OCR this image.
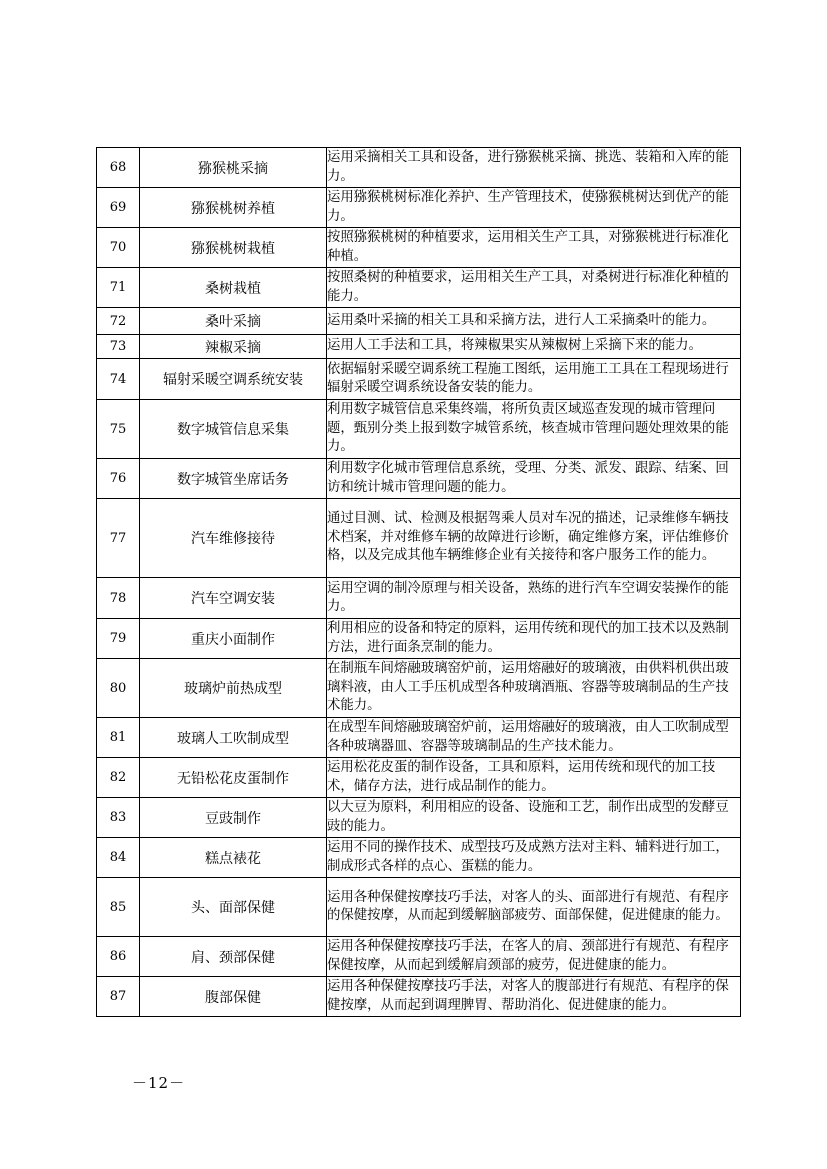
68	猕猴桃采摘	运用采摘相关工具和设备，进行猕猴桃采摘、挑选、装箱和入库的能力。
69	猕猴桃树养植	运用猕猴桃树标准化养护、生产管理技术，使猕猴桃树达到优产的能力。
70	猕猴桃树栽植	按照猕猴桃树的种植要求，运用相关生产工具，对猕猴桃进行标准化种植。
71	桑树栽植	按照桑树的种植要求，运用相关生产工具，对桑树进行标准化种植的能力。
72	桑叶采摘	运用桑叶采摘的相关工具和采摘方法，进行人工采摘桑叶的能力。
73	辣椒采摘	运用人工手法和工具，将辣椒果实从辣椒树上采摘下来的能力。
74	辐射采暖空调系统安装	依据辐射采暖空调系统工程施工图纸，运用施工工具在工程现场进行辐射采暖空调系统设备安装的能力。
75	数字城管信息采集	利用数字城管信息采集终端，将所负责区域巡查发现的城市管理问题，甄别分类上报到数字城管系统，核查城市管理问题处理效果的能力。
76	数字城管坐席话务	利用数字化城市管理信息系统，受理、分类、派发、跟踪、结案、回访和统计城市管理问题的能力。
77	汽车维修接待	通过目测、试、检测及根据驾乘人员对车况的描述，记录维修车辆技术档案，并对维修车辆的故障进行诊断，确定维修方案，评估维修价格，以及完成其他车辆维修企业有关接待和客户服务工作的能力。
78	汽车空调安装	运用空调的制冷原理与相关设备，熟练的进行汽车空调安装操作的能力。
79	重庆小面制作	利用相应的设备和特定的原料，运用传统和现代的加工技术以及熟制方法，进行面条烹制的能力。
80	玻璃炉前热成型	在制瓶车间熔融玻璃窑炉前，运用熔融好的玻璃液，由供料机供出玻璃料液，由人工手压机成型各种玻璃酒瓶、容器等玻璃制品的生产技术能力。
81	玻璃人工吹制成型	在成型车间熔融玻璃窑炉前，运用熔融好的玻璃液，由人工吹制成型各种玻璃器皿、容器等玻璃制品的生产技术能力。
82	无铅松花皮蛋制作	运用松花皮蛋的制作设备，工具和原料，运用传统和现代的加工技术，储存方法，进行成品制作的能力。
83	豆豉制作	以大豆为原料，利用相应的设备、设施和工艺，制作出成型的发酵豆豉的能力。
84	糕点裱花	运用不同的操作技术、成型技巧及成熟方法对主料、辅料进行加工，制成形式各样的点心、蛋糕的能力。
85	头、面部保健	运用各种保健按摩技巧手法，对客人的头、面部进行有规范、有程序的保健按摩，从而起到缓解脑部疲劳、面部保健，促进健康的能力。
86	肩、颈部保健	运用各种保健按摩技巧手法，在客人的肩、颈部进行有规范、有程序保健按摩，从而起到缓解肩颈部的疲劳，促进健康的能力。
87	腹部保健	运用各种保健按摩技巧手法，对客人的腹部进行有规范、有程序的保健按摩，从而起到调理脾胃、帮助消化、促进健康的能力。
－12－
